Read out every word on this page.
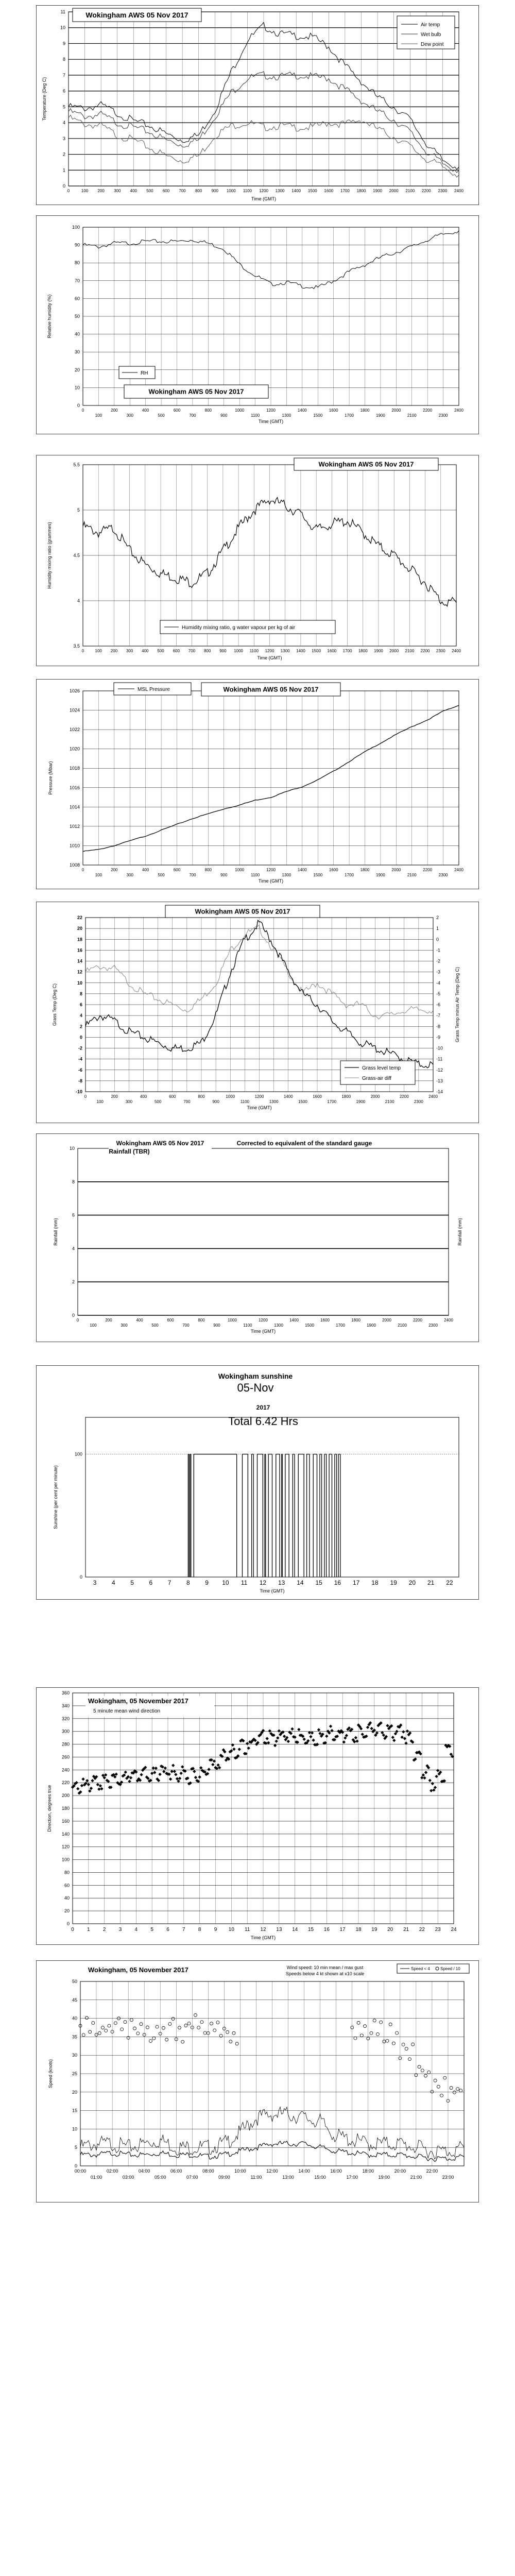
0
1
2
3
4
5
6
7
8
9
10
11
0	100 200 300 400 500 600 700 800 900 1000 1100 1200 1300 1400 1500 1600 1700 1800 1900 2000 2100 2200 2300 2400
Temperature (Deg C)
Time (GMT)
Wokingham AWS 05 Nov 2017
Air temp
Wet bulb
Dew point
0
10
20
30
40
50
60
70
80
90
100
0	200	400	600	800	1000	1200	1400	1600	1800	2000	2200	2400
100	300	500	700	900	1100	1300	1500	1700	1900	2100	2300
Relative humidity (%)
Time (GMT)
RH
Wokingham AWS 05 Nov 2017
3.5
4
4.5
5
5.5
0	100 200 300 400 500 600 700 800 900 1000 1100 1200 1300 1400 1500 1600 1700 1800 1900 2000 2100 2200 2300 2400
Humidity mixing ratio (grammes)
Time (GMT)
Wokingham AWS 05 Nov 2017
Humidity mixing ratio, g water vapour per kg of air
1008
1010
1012
1014
1016
1018
1020
1022
1024
1026
0	200	400	600	800	1000	1200	1400	1600	1800	2000	2200	2400
100	300	500	700	900	1100	1300	1500	1700	1900	2100	2300
Pressure (Mbar)
Time (GMT)
MSL Pressure	Wokingham AWS 05 Nov 2017
-10
-8
-6
-4
-2
0
2
4
6
8
10
12
14
16
18
20
22
-14
-13
-12
-11
-10
-9
-8
-7
-6
-5
-4
-3
-2
-1
0
1
2
0	200	400	600	800	1000	1200	1400	1600	1800	2000	2200	2400
100	300	500	700	900	1100	1300	1500	1700	1900	2100	2300
Grass Temp (Deg C)	Grass Temp minus Air Temp (Deg C)
Time (GMT)
Wokingham AWS 05 Nov 2017
Grass level temp
Grass-air diff
0
2
4
6
8
10
0	200	400	600	800	1000	1200	1400	1600	1800	2000	2200	2400
100	300	500	700	900	1100	1300	1500	1700	1900	2100	2300
Rainfall (mm)	Rainfall (mm)
Time (GMT)
Wokingham AWS 05 Nov 2017
Rainfall (TBR)
Corrected to equivalent of the standard gauge
0
100
3 4 5 6 7 8 9 10 11 12 13 14 15 16 17 18 19 20 21 22
Sunshine (per cent per minute)
Time (GMT)
Wokingham sunshine
05-Nov
2017
Total 6.42 Hrs
0
20
40
60
80
100
120
140
160
180
200
220
240
260
280
300
320
340
360
0	1	2	3	4	5	6	7	8	9 10 11 12 13 14 15 16 17 18 19 20 21 22 23 24
Direction, degrees true
Time (GMT)
Wokingham, 05 November 2017
5 minute mean wind direction
0
5
10
15
20
25
30
35
40
45
50
00:00	02:00	04:00	06:00	08:00	10:00	12:00	14:00	16:00	18:00	20:00	22:00
01:00	03:00	05:00	07:00	09:00	11:00	13:00	15:00	17:00	19:00	21:00	23:00
Speed (knots)
Wokingham, 05 November 2017	Wind speed: 10 min mean / max gust
Speeds below 4 kt shown at x10 scale
Speed < 4	Speed / 10
